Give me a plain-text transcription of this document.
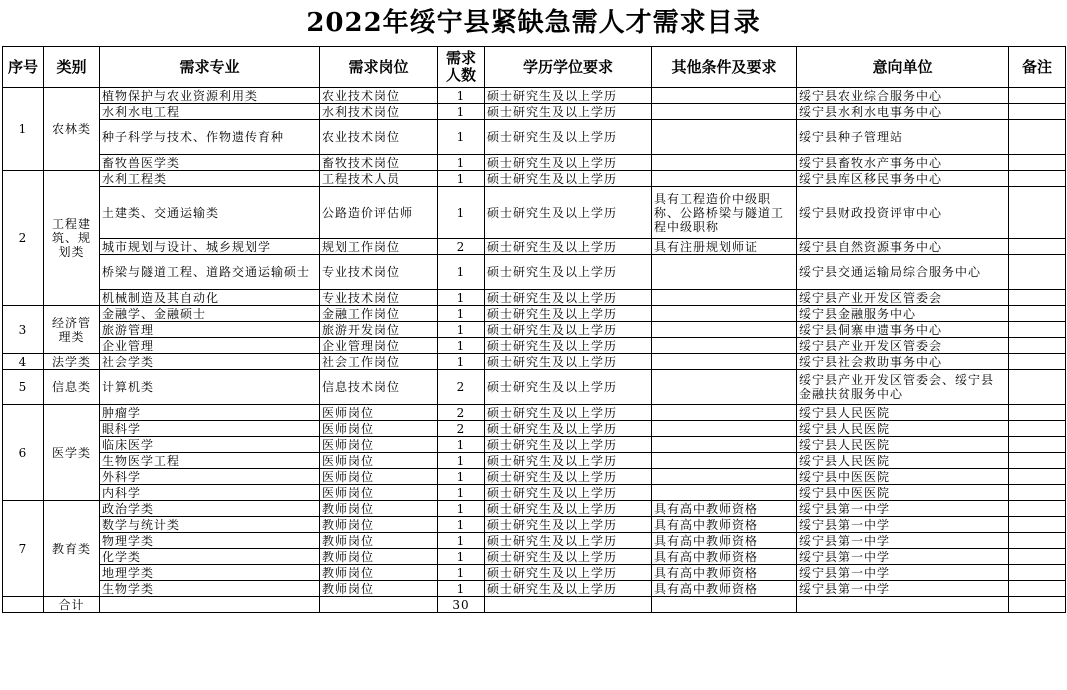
2022年绥宁县紧缺急需人才需求目录
序号	类别	需求专业	需求岗位	需求人数	学历学位要求	其他条件及要求	意向单位	备注
1	农林类	植物保护与农业资源利用类	农业技术岗位	1	硕士研究生及以上学历		绥宁县农业综合服务中心	
		水利水电工程	水利技术岗位	1	硕士研究生及以上学历		绥宁县水利水电事务中心	
		种子科学与技术、作物遗传育种	农业技术岗位	1	硕士研究生及以上学历		绥宁县种子管理站	
		畜牧兽医学类	畜牧技术岗位	1	硕士研究生及以上学历		绥宁县畜牧水产事务中心	
2	工程建筑、规划类	水利工程类	工程技术人员	1	硕士研究生及以上学历		绥宁县库区移民事务中心	
		土建类、交通运输类	公路造价评估师	1	硕士研究生及以上学历	具有工程造价中级职称、公路桥梁与隧道工程中级职称	绥宁县财政投资评审中心	
		城市规划与设计、城乡规划学	规划工作岗位	2	硕士研究生及以上学历	具有注册规划师证	绥宁县自然资源事务中心	
		桥梁与隧道工程、道路交通运输硕士	专业技术岗位	1	硕士研究生及以上学历		绥宁县交通运输局综合服务中心	
		机械制造及其自动化	专业技术岗位	1	硕士研究生及以上学历		绥宁县产业开发区管委会	
3	经济管理类	金融学、金融硕士	金融工作岗位	1	硕士研究生及以上学历		绥宁县金融服务中心	
		旅游管理	旅游开发岗位	1	硕士研究生及以上学历		绥宁县侗寨申遗事务中心	
		企业管理	企业管理岗位	1	硕士研究生及以上学历		绥宁县产业开发区管委会	
4	法学类	社会学类	社会工作岗位	1	硕士研究生及以上学历		绥宁县社会救助事务中心	
5	信息类	计算机类	信息技术岗位	2	硕士研究生及以上学历		绥宁县产业开发区管委会、绥宁县金融扶贫服务中心	
6	医学类	肿瘤学	医师岗位	2	硕士研究生及以上学历		绥宁县人民医院	
		眼科学	医师岗位	2	硕士研究生及以上学历		绥宁县人民医院	
		临床医学	医师岗位	1	硕士研究生及以上学历		绥宁县人民医院	
		生物医学工程	医师岗位	1	硕士研究生及以上学历		绥宁县人民医院	
		外科学	医师岗位	1	硕士研究生及以上学历		绥宁县中医医院	
		内科学	医师岗位	1	硕士研究生及以上学历		绥宁县中医医院	
7	教育类	政治学类	教师岗位	1	硕士研究生及以上学历	具有高中教师资格	绥宁县第一中学	
		数学与统计类	教师岗位	1	硕士研究生及以上学历	具有高中教师资格	绥宁县第一中学	
		物理学类	教师岗位	1	硕士研究生及以上学历	具有高中教师资格	绥宁县第一中学	
		化学类	教师岗位	1	硕士研究生及以上学历	具有高中教师资格	绥宁县第一中学	
		地理学类	教师岗位	1	硕士研究生及以上学历	具有高中教师资格	绥宁县第一中学	
		生物学类	教师岗位	1	硕士研究生及以上学历	具有高中教师资格	绥宁县第一中学	
	合计			30				
